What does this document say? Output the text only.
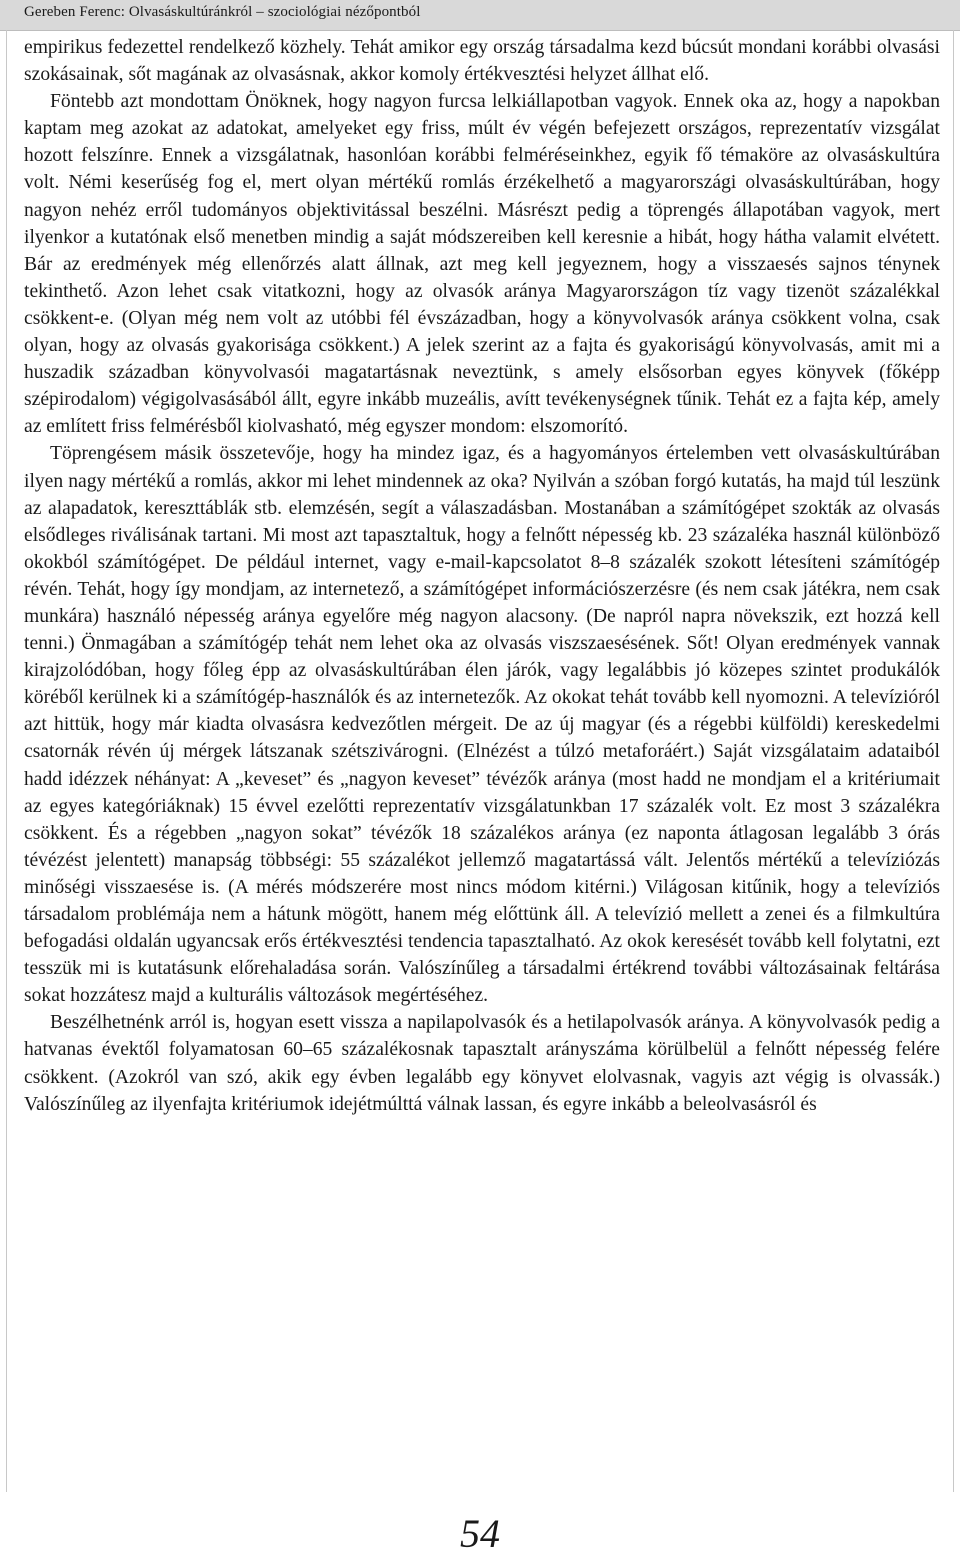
Gereben Ferenc: Olvasáskultúránkról – szociológiai nézőpontból

empirikus fedezettel rendelkező közhely. Tehát amikor egy ország társadalma kezd búcsút mondani korábbi olvasási szokásainak, sőt magának az olvasásnak, akkor komoly értékvesztési helyzet állhat elő.

Föntebb azt mondottam Önöknek, hogy nagyon furcsa lelkiállapotban vagyok. Ennek oka az, hogy a napokban kaptam meg azokat az adatokat, amelyeket egy friss, múlt év végén befejezett országos, reprezentatív vizsgálat hozott felszínre. Ennek a vizsgálatnak, hasonlóan korábbi felméréseinkhez, egyik fő témaköre az olvasáskultúra volt. Némi keserűség fog el, mert olyan mértékű romlás érzékelhető a magyarországi olvasáskultúrában, hogy nagyon nehéz erről tudományos objektivitással beszélni. Másrészt pedig a töprengés állapotában vagyok, mert ilyenkor a kutatónak első menetben mindig a saját módszereiben kell keresnie a hibát, hogy hátha valamit elvétett. Bár az eredmények még ellenőrzés alatt állnak, azt meg kell jegyeznem, hogy a visszaesés sajnos ténynek tekinthető. Azon lehet csak vitatkozni, hogy az olvasók aránya Magyarországon tíz vagy tizenöt százalékkal csökkent-e. (Olyan még nem volt az utóbbi fél évszázadban, hogy a könyvolvasók aránya csökkent volna, csak olyan, hogy az olvasás gyakorisága csökkent.) A jelek szerint az a fajta és gyakoriságú könyvolvasás, amit mi a huszadik században könyvolvasói magatartásnak neveztünk, s amely elsősorban egyes könyvek (főképp szépirodalom) végigolvasásából állt, egyre inkább muzeális, avítt tevékenységnek tűnik. Tehát ez a fajta kép, amely az említett friss felmérésből kiolvasható, még egyszer mondom: elszomorító.

Töprengésem másik összetevője, hogy ha mindez igaz, és a hagyományos értelemben vett olvasáskultúrában ilyen nagy mértékű a romlás, akkor mi lehet mindennek az oka? Nyilván a szóban forgó kutatás, ha majd túl leszünk az alapadatok, kereszttáblák stb. elemzésén, segít a válaszadásban. Mostanában a számítógépet szokták az olvasás elsődleges riválisának tartani. Mi most azt tapasztaltuk, hogy a felnőtt népesség kb. 23 százaléka használ különböző okokból számítógépet. De például internet, vagy e-mail-kapcsolatot 8–8 százalék szokott létesíteni számítógép révén. Tehát, hogy így mondjam, az internetező, a számítógépet információszerzésre (és nem csak játékra, nem csak munkára) használó népesség aránya egyelőre még nagyon alacsony. (De napról napra növekszik, ezt hozzá kell tenni.) Önmagában a számítógép tehát nem lehet oka az olvasás viszszaesésének. Sőt! Olyan eredmények vannak kirajzolódóban, hogy főleg épp az olvasáskultúrában élen járók, vagy legalábbis jó közepes szintet produkálók köréből kerülnek ki a számítógép-használók és az internetezők. Az okokat tehát tovább kell nyomozni. A televízióról azt hittük, hogy már kiadta olvasásra kedvezőtlen mérgeit. De az új magyar (és a régebbi külföldi) kereskedelmi csatornák révén új mérgek látszanak szétszivárogni. (Elnézést a túlzó metaforáért.) Saját vizsgálataim adataiból hadd idézzek néhányat: A „keveset” és „nagyon keveset” tévézők aránya (most hadd ne mondjam el a kritériumait az egyes kategóriáknak) 15 évvel ezelőtti reprezentatív vizsgálatunkban 17 százalék volt. Ez most 3 százalékra csökkent. És a régebben „nagyon sokat” tévézők 18 százalékos aránya (ez naponta átlagosan legalább 3 órás tévézést jelentett) manapság többségi: 55 százalékot jellemző magatartássá vált. Jelentős mértékű a televíziózás minőségi visszaesése is. (A mérés módszerére most nincs módom kitérni.) Világosan kitűnik, hogy a televíziós társadalom problémája nem a hátunk mögött, hanem még előttünk áll. A televízió mellett a zenei és a filmkultúra befogadási oldalán ugyancsak erős értékvesztési tendencia tapasztalható. Az okok keresését tovább kell folytatni, ezt tesszük mi is kutatásunk előrehaladása során. Valószínűleg a társadalmi értékrend további változásainak feltárása sokat hozzátesz majd a kulturális változások megértéséhez.

Beszélhetnénk arról is, hogyan esett vissza a napilapolvasók és a hetilapolvasók aránya. A könyvolvasók pedig a hatvanas évektől folyamatosan 60–65 százalékosnak tapasztalt arányszáma körülbelül a felnőtt népesség felére csökkent. (Azokról van szó, akik egy évben legalább egy könyvet elolvasnak, vagyis azt végig is olvassák.) Valószínűleg az ilyenfajta kritériumok idejétmúlttá válnak lassan, és egyre inkább a beleolvasásról és

54
